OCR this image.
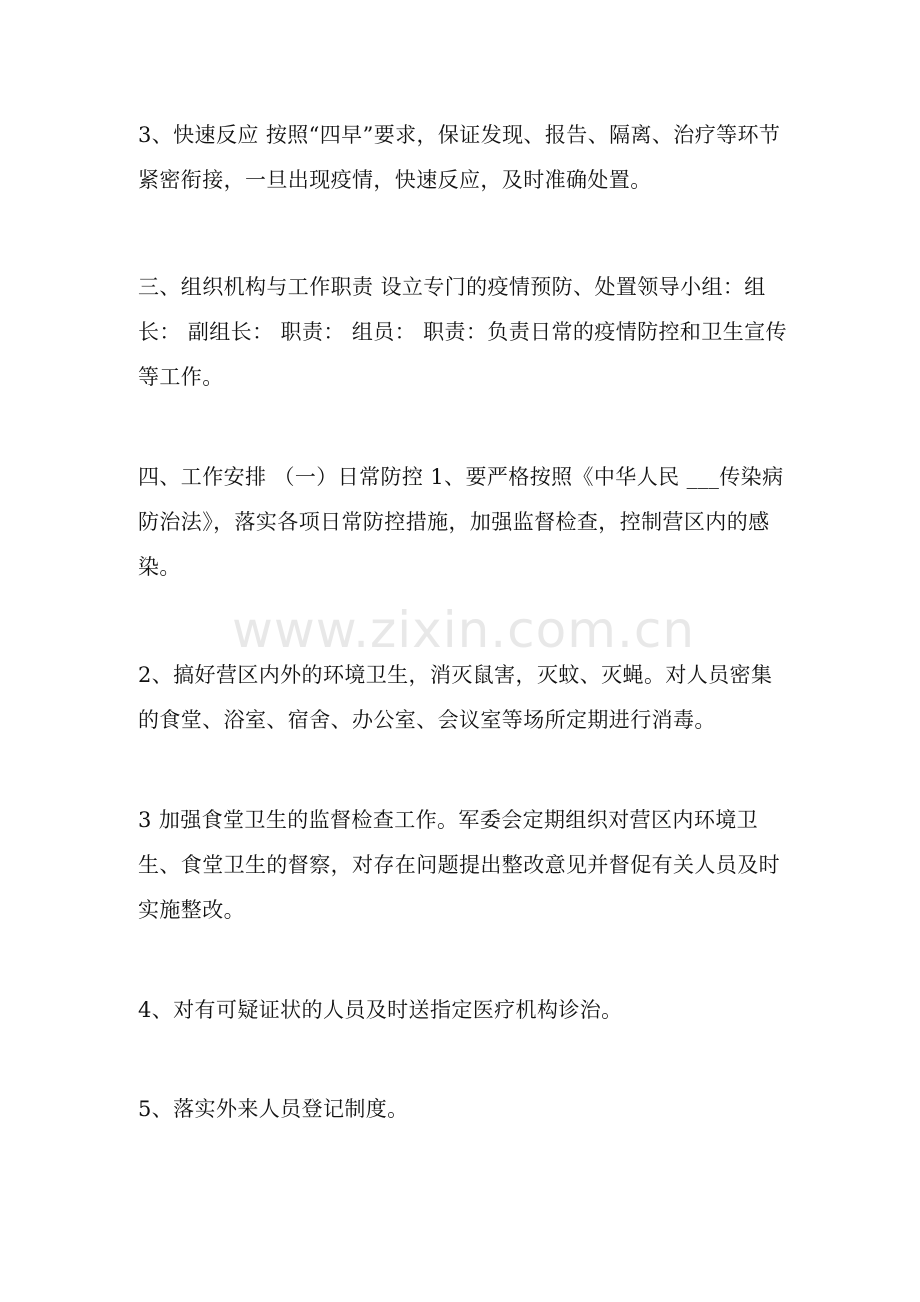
3、快速反应 按照“四早”要求，保证发现、报告、隔离、治疗等环节紧密衔接，一旦出现疫情，快速反应，及时准确处置。

三、组织机构与工作职责 设立专门的疫情预防、处置领导小组：组长： 副组长： 职责： 组员： 职责：负责日常的疫情防控和卫生宣传等工作。

四、工作安排 （一）日常防控 1、要严格按照《中华人民 ___传染病防治法》，落实各项日常防控措施，加强监督检查，控制营区内的感染。

www.zixin.com.cn

2、搞好营区内外的环境卫生，消灭鼠害，灭蚊、灭蝇。对人员密集的食堂、浴室、宿舍、办公室、会议室等场所定期进行消毒。

3 加强食堂卫生的监督检查工作。军委会定期组织对营区内环境卫生、食堂卫生的督察，对存在问题提出整改意见并督促有关人员及时实施整改。

4、对有可疑证状的人员及时送指定医疗机构诊治。

5、落实外来人员登记制度。
